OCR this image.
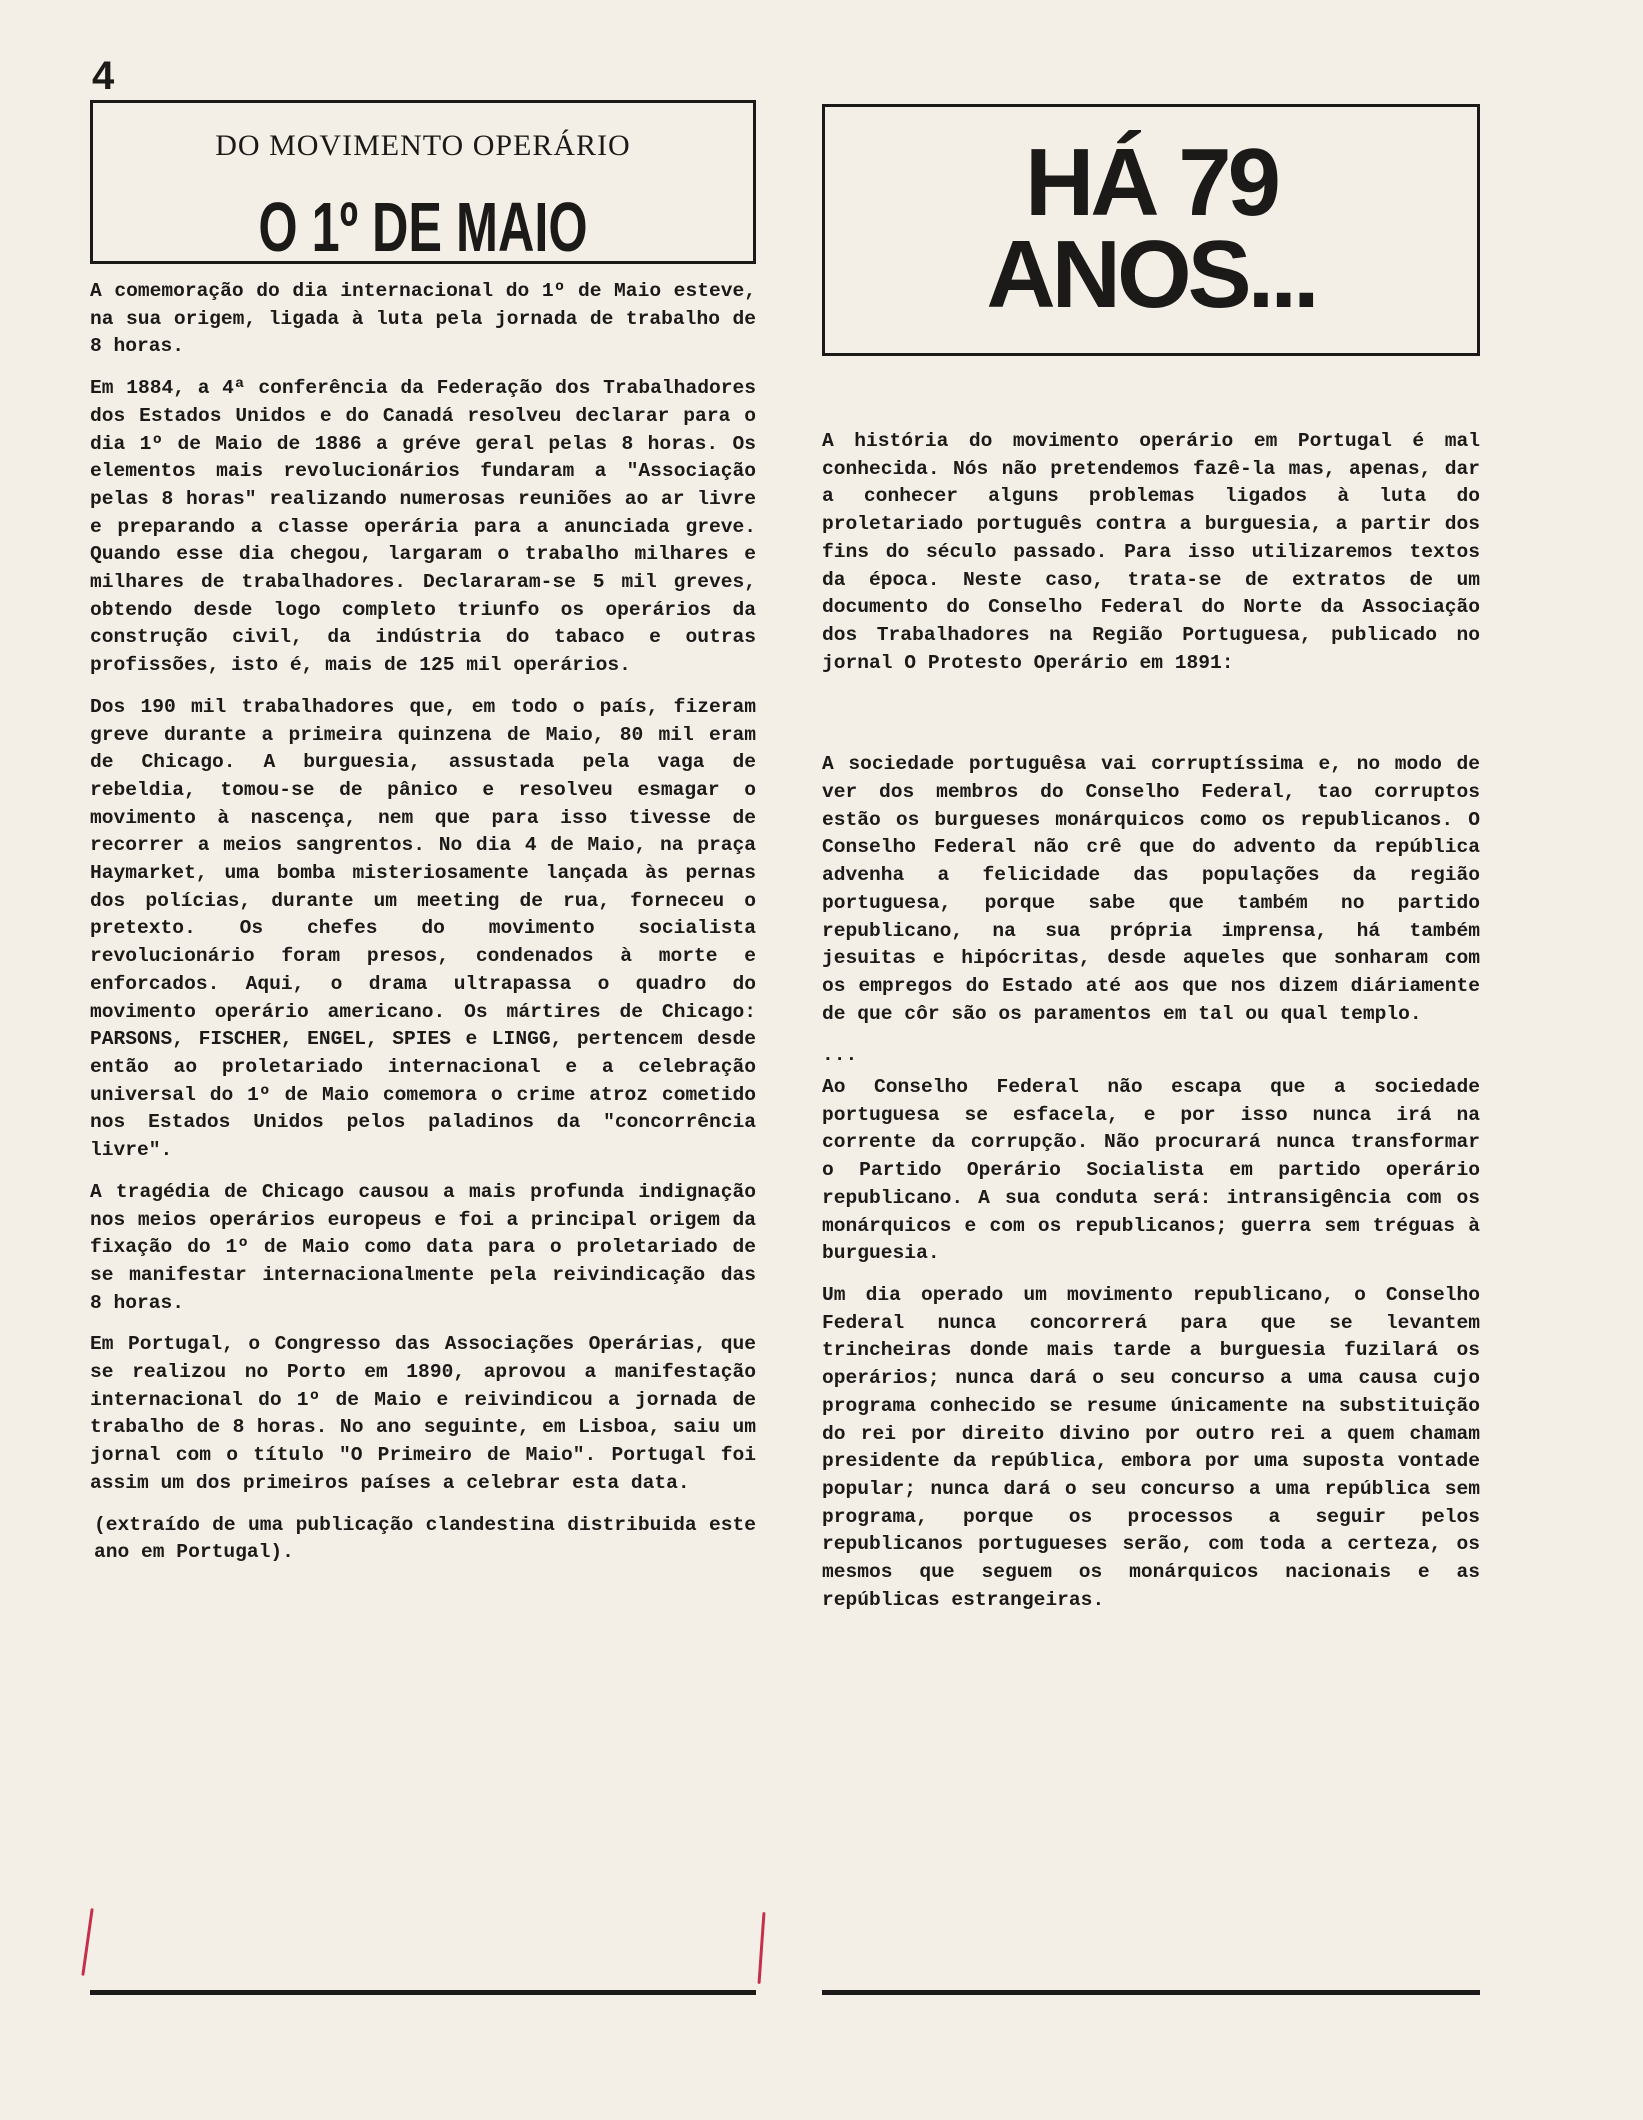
4
DO MOVIMENTO OPERÁRIO
O 1º DE MAIO

A comemoração do dia internacional do 1º de Maio esteve, na sua origem, ligada à luta pela jornada de trabalho de 8 horas.

Em 1884, a 4ª conferência da Federação dos Trabalhadores dos Estados Unidos e do Canadá resolveu declarar para o dia 1º de Maio de 1886 a gréve geral pelas 8 horas. Os elementos mais revolucionários fundaram a "Associação pelas 8 horas" realizando numerosas reuniões ao ar livre e preparando a classe operária para a anunciada greve. Quando esse dia chegou, largaram o trabalho milhares e milhares de trabalhadores. Declararam-se 5 mil greves, obtendo desde logo completo triunfo os operários da construção civil, da indústria do tabaco e outras profissões, isto é, mais de 125 mil operários.

Dos 190 mil trabalhadores que, em todo o país, fizeram greve durante a primeira quinzena de Maio, 80 mil eram de Chicago. A burguesia, assustada pela vaga de rebeldia, tomou-se de pânico e resolveu esmagar o movimento à nascença, nem que para isso tivesse de recorrer a meios sangrentos. No dia 4 de Maio, na praça Haymarket, uma bomba misteriosamente lançada às pernas dos polícias, durante um meeting de rua, forneceu o pretexto. Os chefes do movimento socialista revolucionário foram presos, condenados à morte e enforcados. Aqui, o drama ultrapassa o quadro do movimento operário americano. Os mártires de Chicago: PARSONS, FISCHER, ENGEL, SPIES e LINGG, pertencem desde então ao proletariado internacional e a celebração universal do 1º de Maio comemora o crime atroz cometido nos Estados Unidos pelos paladinos da "concorrência livre".

A tragédia de Chicago causou a mais profunda indignação nos meios operários europeus e foi a principal origem da fixação do 1º de Maio como data para o proletariado de se manifestar internacionalmente pela reivindicação das 8 horas.

Em Portugal, o Congresso das Associações Operárias, que se realizou no Porto em 1890, aprovou a manifestação internacional do 1º de Maio e reivindicou a jornada de trabalho de 8 horas. No ano seguinte, em Lisboa, saiu um jornal com o título "O Primeiro de Maio". Portugal foi assim um dos primeiros países a celebrar esta data.

(extraído de uma publicação clandestina distribuida este ano em Portugal).

HÁ 79
ANOS...

A história do movimento operário em Portugal é mal conhecida. Nós não pretendemos fazê-la mas, apenas, dar a conhecer alguns problemas ligados à luta do proletariado português contra a burguesia, a partir dos fins do século passado. Para isso utilizaremos textos da época. Neste caso, trata-se de extratos de um documento do Conselho Federal do Norte da Associação dos Trabalhadores na Região Portuguesa, publicado no jornal O Protesto Operário em 1891:

A sociedade portuguêsa vai corruptíssima e, no modo de ver dos membros do Conselho Federal, tao corruptos estão os burgueses monárquicos como os republicanos. O Conselho Federal não crê que do advento da república advenha a felicidade das populações da região portuguesa, porque sabe que também no partido republicano, na sua própria imprensa, há também jesuitas e hipócritas, desde aqueles que sonharam com os empregos do Estado até aos que nos dizem diáriamente de que côr são os paramentos em tal ou qual templo.

...

Ao Conselho Federal não escapa que a sociedade portuguesa se esfacela, e por isso nunca irá na corrente da corrupção. Não procurará nunca transformar o Partido Operário Socialista em partido operário republicano. A sua conduta será: intransigência com os monárquicos e com os republicanos; guerra sem tréguas à burguesia.

Um dia operado um movimento republicano, o Conselho Federal nunca concorrerá para que se levantem trincheiras donde mais tarde a burguesia fuzilará os operários; nunca dará o seu concurso a uma causa cujo programa conhecido se resume únicamente na substituição do rei por direito divino por outro rei a quem chamam presidente da república, embora por uma suposta vontade popular; nunca dará o seu concurso a uma república sem programa, porque os processos a seguir pelos republicanos portugueses serão, com toda a certeza, os mesmos que seguem os monárquicos nacionais e as repúblicas estrangeiras.
